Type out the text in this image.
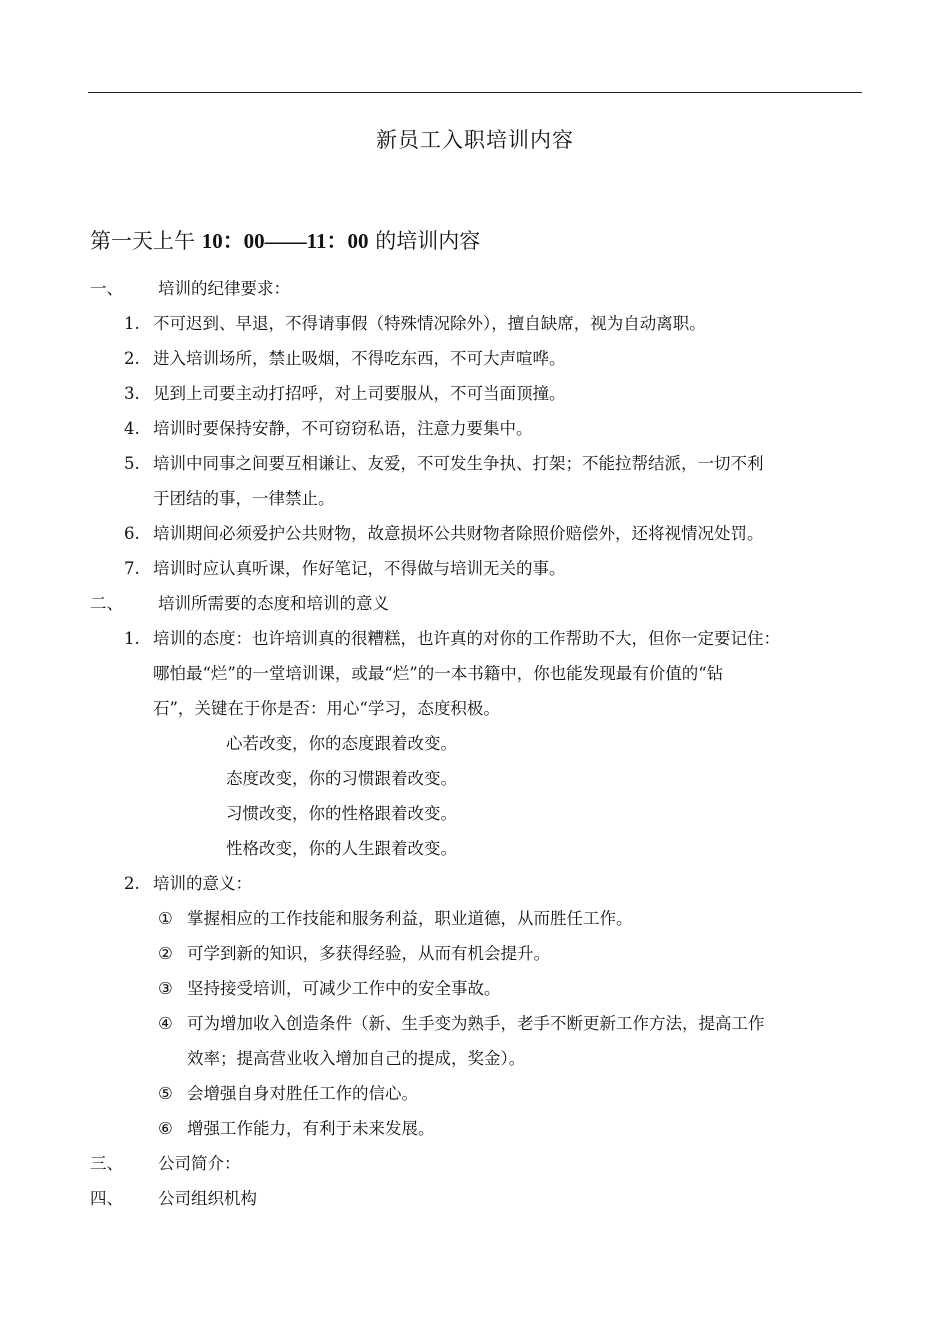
新员工入职培训内容
第一天上午 10：00——11：00 的培训内容
一、 培训的纪律要求：
1. 不可迟到、早退，不得请事假（特殊情况除外），擅自缺席，视为自动离职。
2. 进入培训场所，禁止吸烟，不得吃东西，不可大声喧哗。
3. 见到上司要主动打招呼，对上司要服从，不可当面顶撞。
4. 培训时要保持安静，不可窃窃私语，注意力要集中。
5. 培训中同事之间要互相谦让、友爱，不可发生争执、打架；不能拉帮结派，一切不利
于团结的事，一律禁止。
6. 培训期间必须爱护公共财物，故意损坏公共财物者除照价赔偿外，还将视情况处罚。
7. 培训时应认真听课，作好笔记，不得做与培训无关的事。
二、 培训所需要的态度和培训的意义
1. 培训的态度：也许培训真的很糟糕，也许真的对你的工作帮助不大，但你一定要记住：
哪怕最“烂”的一堂培训课，或最“烂”的一本书籍中，你也能发现最有价值的“钻
石”，关键在于你是否：用心“学习，态度积极。
心若改变，你的态度跟着改变。
态度改变，你的习惯跟着改变。
习惯改变，你的性格跟着改变。
性格改变，你的人生跟着改变。
2. 培训的意义：
① 掌握相应的工作技能和服务利益，职业道德，从而胜任工作。
② 可学到新的知识，多获得经验，从而有机会提升。
③ 坚持接受培训，可减少工作中的安全事故。
④ 可为增加收入创造条件（新、生手变为熟手，老手不断更新工作方法，提高工作
效率；提高营业收入增加自己的提成，奖金）。
⑤ 会增强自身对胜任工作的信心。
⑥ 增强工作能力，有利于未来发展。
三、 公司简介：
四、 公司组织机构
